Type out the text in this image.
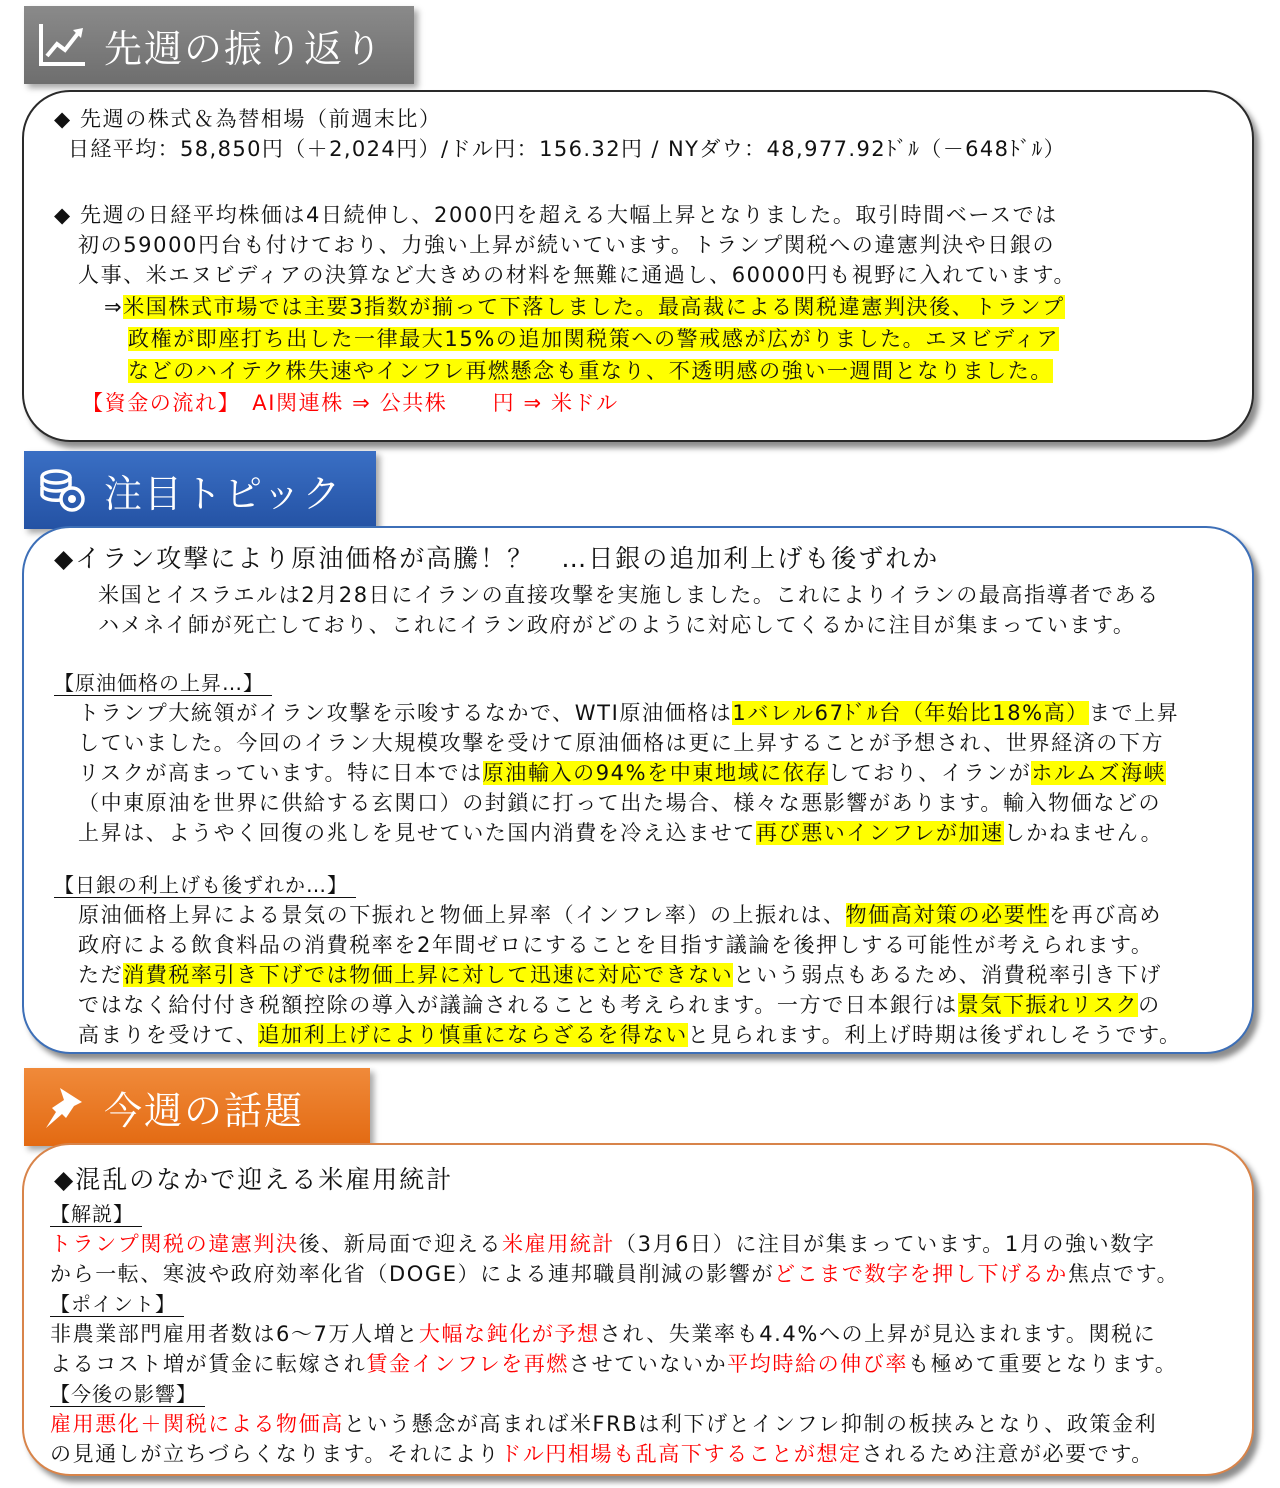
先週の振り返り
◆ 先週の株式＆為替相場（前週末比）
日経平均：58,850円（＋2,024円）/ドル円：156.32円 / NYダウ：48,977.92ﾄﾞﾙ（－648ﾄﾞﾙ）
◆ 先週の日経平均株価は4日続伸し、2000円を超える大幅上昇となりました。取引時間ベースでは
初の59000円台も付けており、力強い上昇が続いています。トランプ関税への違憲判決や日銀の
人事、米エヌビディアの決算など大きめの材料を無難に通過し、60000円も視野に入れています。
⇒米国株式市場では主要3指数が揃って下落しました。最高裁による関税違憲判決後、トランプ
政権が即座打ち出した一律最大15%の追加関税策への警戒感が広がりました。エヌビディア
などのハイテク株失速やインフレ再燃懸念も重なり、不透明感の強い一週間となりました。
【資金の流れ】　AI関連株 ⇒ 公共株　　円 ⇒ 米ドル
注目トピック
◆イラン攻撃により原油価格が高騰！？　…日銀の追加利上げも後ずれか
米国とイスラエルは2月28日にイランの直接攻撃を実施しました。これによりイランの最高指導者である
ハメネイ師が死亡しており、これにイラン政府がどのように対応してくるかに注目が集まっています。
【原油価格の上昇…】
トランプ大統領がイラン攻撃を示唆するなかで、WTI原油価格は1バレル67ﾄﾞﾙ台（年始比18%高）まで上昇
していました。今回のイラン大規模攻撃を受けて原油価格は更に上昇することが予想され、世界経済の下方
リスクが高まっています。特に日本では原油輸入の94%を中東地域に依存しており、イランがホルムズ海峡
（中東原油を世界に供給する玄関口）の封鎖に打って出た場合、様々な悪影響があります。輸入物価などの
上昇は、ようやく回復の兆しを見せていた国内消費を冷え込ませて再び悪いインフレが加速しかねません。
【日銀の利上げも後ずれか…】
原油価格上昇による景気の下振れと物価上昇率（インフレ率）の上振れは、物価高対策の必要性を再び高め
政府による飲食料品の消費税率を2年間ゼロにすることを目指す議論を後押しする可能性が考えられます。
ただ消費税率引き下げでは物価上昇に対して迅速に対応できないという弱点もあるため、消費税率引き下げ
ではなく給付付き税額控除の導入が議論されることも考えられます。一方で日本銀行は景気下振れリスクの
高まりを受けて、追加利上げにより慎重にならざるを得ないと見られます。利上げ時期は後ずれしそうです。
今週の話題
◆混乱のなかで迎える米雇用統計
【解説】
トランプ関税の違憲判決後、新局面で迎える米雇用統計（3月6日）に注目が集まっています。1月の強い数字
から一転、寒波や政府効率化省（DOGE）による連邦職員削減の影響がどこまで数字を押し下げるか焦点です。
【ポイント】
非農業部門雇用者数は6～7万人増と大幅な鈍化が予想され、失業率も4.4%への上昇が見込まれます。関税に
よるコスト増が賃金に転嫁され賃金インフレを再燃させていないか平均時給の伸び率も極めて重要となります。
【今後の影響】
雇用悪化＋関税による物価高という懸念が高まれば米FRBは利下げとインフレ抑制の板挟みとなり、政策金利
の見通しが立ちづらくなります。それによりドル円相場も乱高下することが想定されるため注意が必要です。
